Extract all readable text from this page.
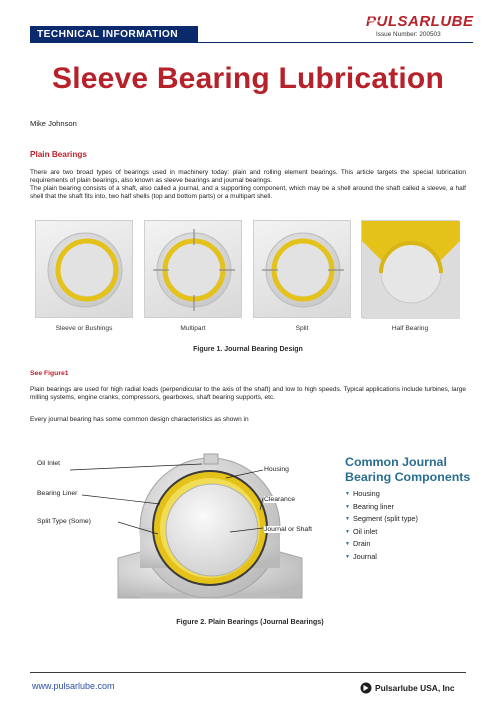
TECHNICAL INFORMATION
PULSARLUBE
Issue Number: 200503
Sleeve Bearing Lubrication
Mike Johnson
Plain Bearings
There are two broad types of bearings used in machinery today: plain and rolling element bearings. This article targets the special lubrication requirements of plain bearings, also known as sleeve bearings and journal bearings.
The plain bearing consists of a shaft, also called a journal, and a supporting component, which may be a shell around the shaft called a sleeve, a half shell that the shaft fits into, two half shells (top and bottom parts) or a multipart shell.
Sleeve or Bushings	Multipart	Split	Half Bearing
Figure 1. Journal Bearing Design
See Figure1
Plain bearings are used for high radial loads (perpendicular to the axis of the shaft) and low to high speeds. Typical applications include turbines, large milling systems, engine cranks, compressors, gearboxes, shaft bearing supports, etc.
Every journal bearing has some common design characteristics as shown in
Oil Inlet
Bearing Liner
Split Type (Some)
Housing
Clearance
Journal or Shaft
Common Journal
Bearing Components
▼ Housing
▼ Bearing liner
▼ Segment (split type)
▼ Oil inlet
▼ Drain
▼ Journal
Figure 2. Plain Bearings (Journal Bearings)
www.pulsarlube.com	Pulsarlube USA, Inc
